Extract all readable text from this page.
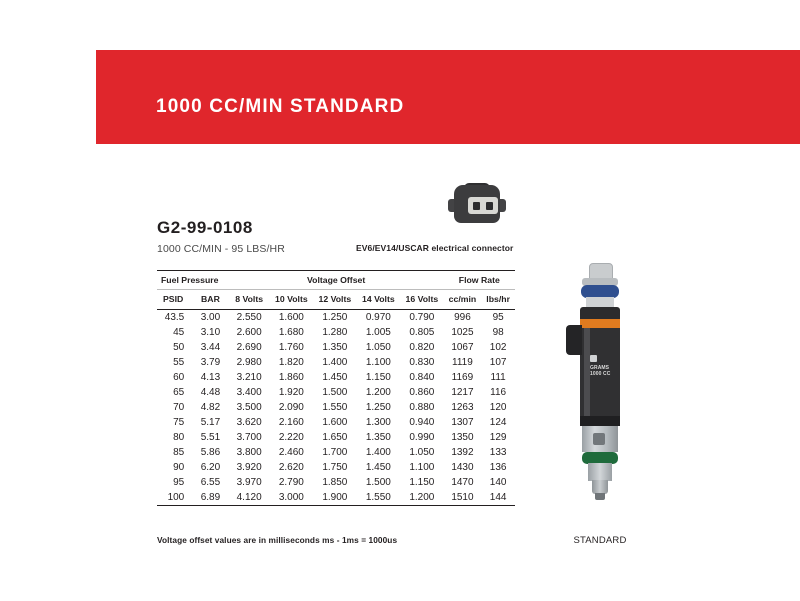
1000 CC/MIN STANDARD
G2-99-0108
1000 CC/MIN - 95 LBS/HR	EV6/EV14/USCAR electrical connector
Fuel Pressure		Voltage Offset					Flow Rate	
PSID	BAR	8 Volts	10 Volts	12 Volts	14 Volts	16 Volts	cc/min	lbs/hr
43.5	3.00	2.550	1.600	1.250	0.970	0.790	996	95
45	3.10	2.600	1.680	1.280	1.005	0.805	1025	98
50	3.44	2.690	1.760	1.350	1.050	0.820	1067	102
55	3.79	2.980	1.820	1.400	1.100	0.830	1119	107
60	4.13	3.210	1.860	1.450	1.150	0.840	1169	111
65	4.48	3.400	1.920	1.500	1.200	0.860	1217	116
70	4.82	3.500	2.090	1.550	1.250	0.880	1263	120
75	5.17	3.620	2.160	1.600	1.300	0.940	1307	124
80	5.51	3.700	2.220	1.650	1.350	0.990	1350	129
85	5.86	3.800	2.460	1.700	1.400	1.050	1392	133
90	6.20	3.920	2.620	1.750	1.450	1.100	1430	136
95	6.55	3.970	2.790	1.850	1.500	1.150	1470	140
100	6.89	4.120	3.000	1.900	1.550	1.200	1510	144
Voltage offset values are in milliseconds ms - 1ms = 1000us

GRAMS
1000 CC
STANDARD
